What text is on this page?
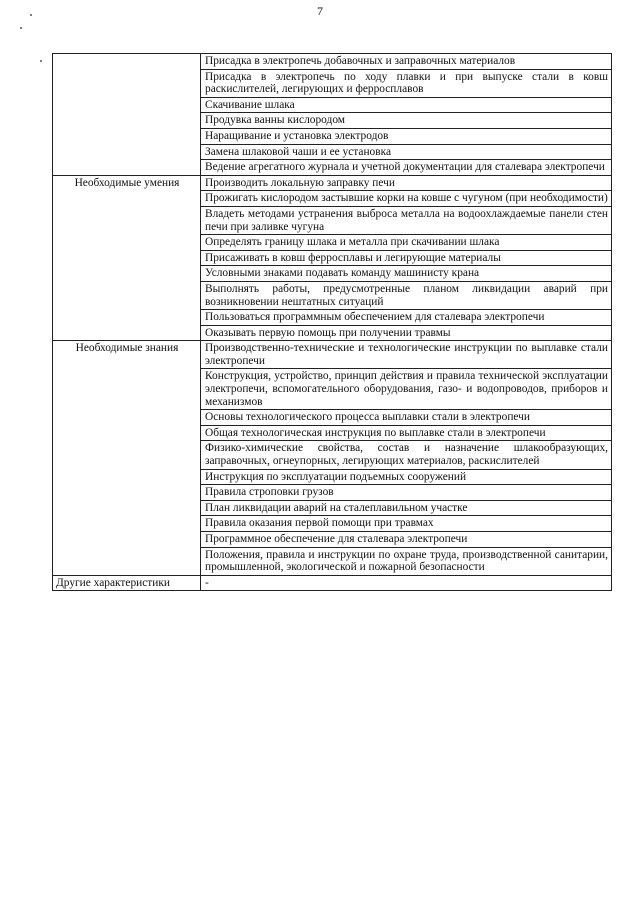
7
	Присадка в электропечь добавочных и заправочных материалов
	Присадка в электропечь по ходу плавки и при выпуске стали в ковш раскислителей, легирующих и ферросплавов
	Скачивание шлака
	Продувка ванны кислородом
	Наращивание и установка электродов
	Замена шлаковой чаши и ее установка
	Ведение агрегатного журнала и учетной документации для сталевара электропечи
Необходимые умения	Производить локальную заправку печи
	Прожигать кислородом застывшие корки на ковше с чугуном (при необходимости)
	Владеть методами устранения выброса металла на водоохлаждаемые панели стен печи при заливке чугуна
	Определять границу шлака и металла при скачивании шлака
	Присаживать в ковш ферросплавы и легирующие материалы
	Условными знаками подавать команду машинисту крана
	Выполнять работы, предусмотренные планом ликвидации аварий при возникновении нештатных ситуаций
	Пользоваться программным обеспечением для сталевара электропечи
	Оказывать первую помощь при получении травмы
Необходимые знания	Производственно-технические и технологические инструкции по выплавке стали электропечи
	Конструкция, устройство, принцип действия и правила технической эксплуатации электропечи, вспомогательного оборудования, газо- и водопроводов, приборов и механизмов
	Основы технологического процесса выплавки стали в электропечи
	Общая технологическая инструкция по выплавке стали в электропечи
	Физико-химические свойства, состав и назначение шлакообразующих, заправочных, огнеупорных, легирующих материалов, раскислителей
	Инструкция по эксплуатации подъемных сооружений
	Правила строповки грузов
	План ликвидации аварий на сталеплавильном участке
	Правила оказания первой помощи при травмах
	Программное обеспечение для сталевара электропечи
	Положения, правила и инструкции по охране труда, производственной санитарии, промышленной, экологической и пожарной безопасности
Другие характеристики	-
